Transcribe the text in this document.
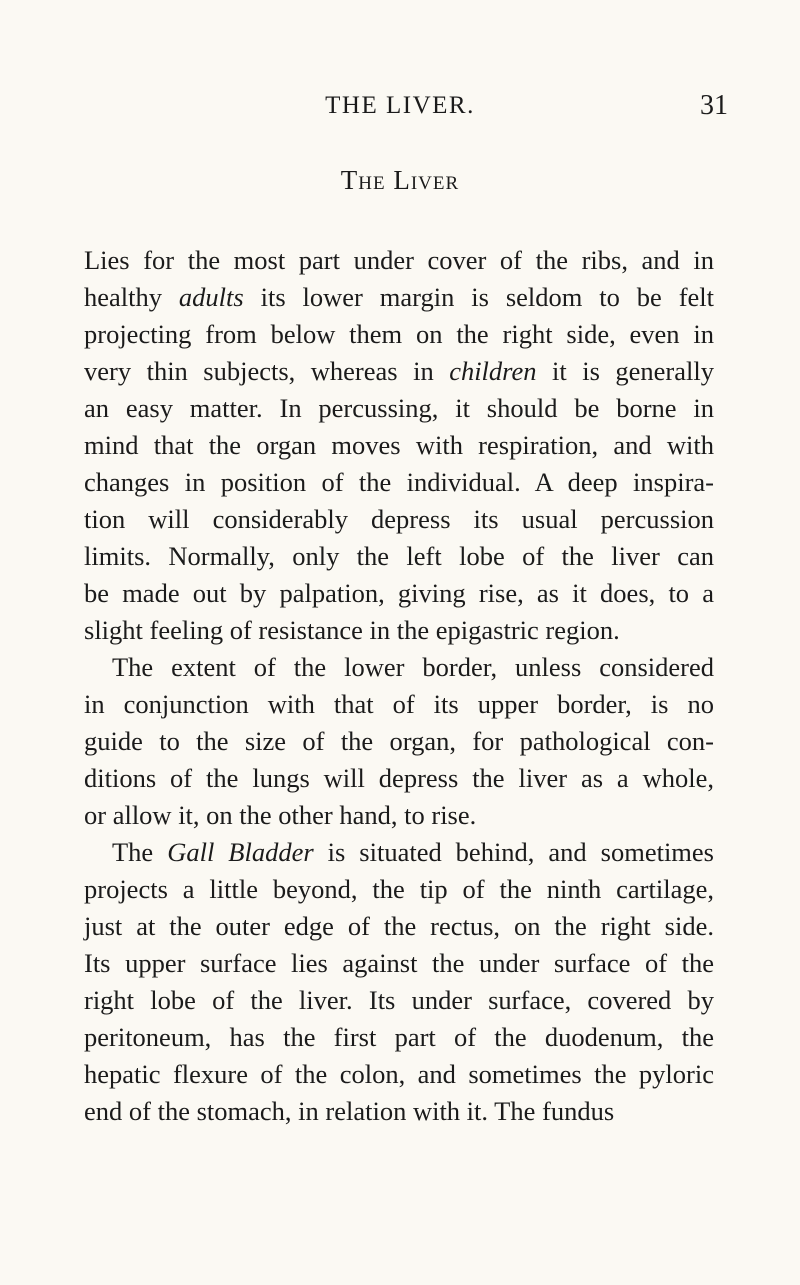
THE LIVER.	31
The Liver
Lies for the most part under cover of the ribs, and in
healthy adults its lower margin is seldom to be felt
projecting from below them on the right side, even in
very thin subjects, whereas in children it is generally
an easy matter. In percussing, it should be borne in
mind that the organ moves with respiration, and with
changes in position of the individual. A deep inspira-
tion will considerably depress its usual percussion
limits. Normally, only the left lobe of the liver can
be made out by palpation, giving rise, as it does, to a
slight feeling of resistance in the epigastric region.
The extent of the lower border, unless considered
in conjunction with that of its upper border, is no
guide to the size of the organ, for pathological con-
ditions of the lungs will depress the liver as a whole,
or allow it, on the other hand, to rise.
The Gall Bladder is situated behind, and sometimes
projects a little beyond, the tip of the ninth cartilage,
just at the outer edge of the rectus, on the right side.
Its upper surface lies against the under surface of the
right lobe of the liver. Its under surface, covered by
peritoneum, has the first part of the duodenum, the
hepatic flexure of the colon, and sometimes the pyloric
end of the stomach, in relation with it. The fundus
